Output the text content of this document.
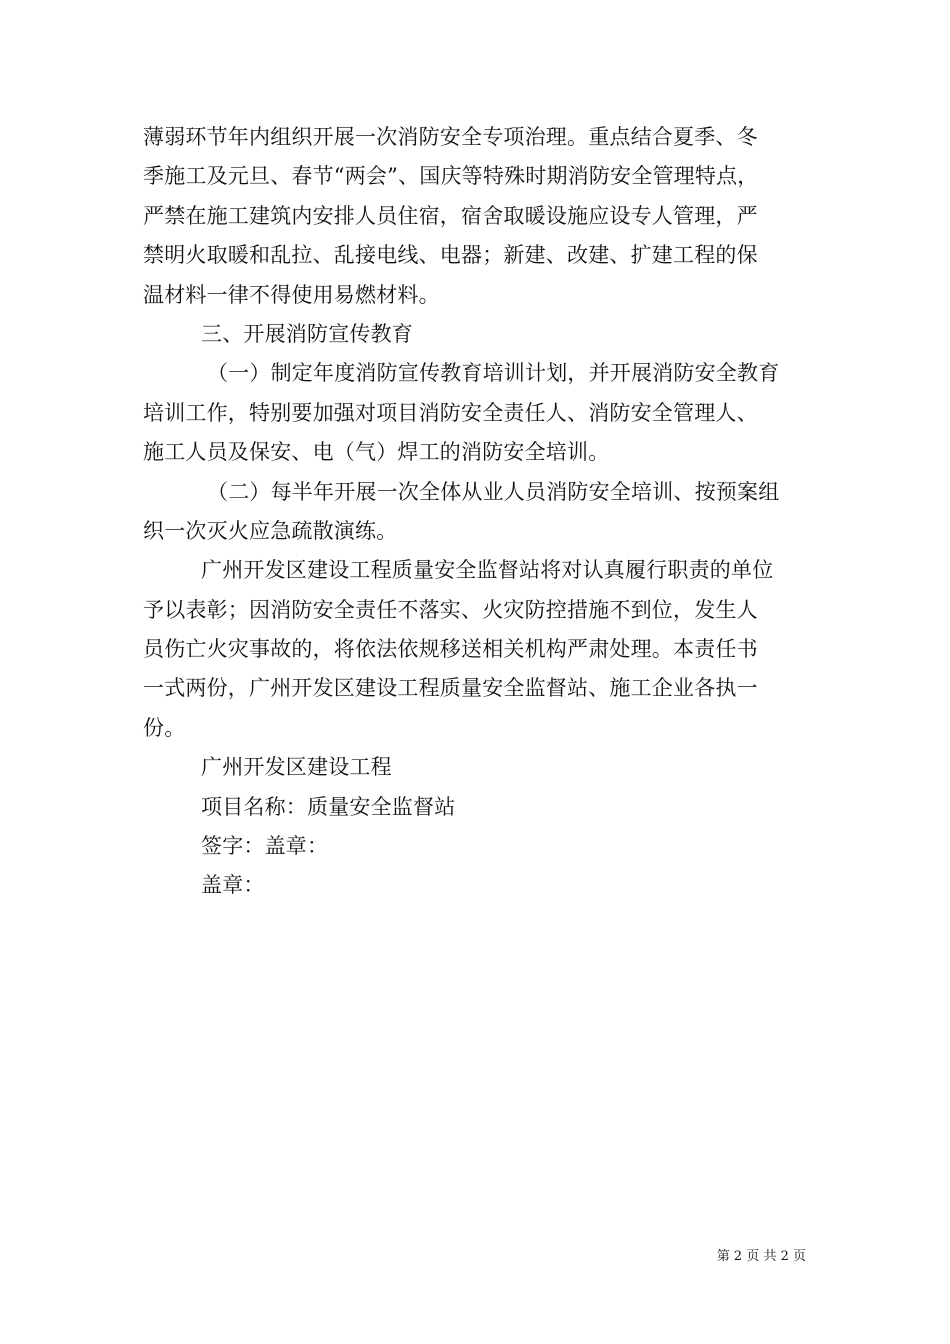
薄弱环节年内组织开展一次消防安全专项治理。重点结合夏季、冬
季施工及元旦、春节“两会”、国庆等特殊时期消防安全管理特点，
严禁在施工建筑内安排人员住宿，宿舍取暖设施应设专人管理，严
禁明火取暖和乱拉、乱接电线、电器；新建、改建、扩建工程的保
温材料一律不得使用易燃材料。
三、开展消防宣传教育
（一）制定年度消防宣传教育培训计划，并开展消防安全教育
培训工作，特别要加强对项目消防安全责任人、消防安全管理人、
施工人员及保安、电（气）焊工的消防安全培训。
（二）每半年开展一次全体从业人员消防安全培训、按预案组
织一次灭火应急疏散演练。
广州开发区建设工程质量安全监督站将对认真履行职责的单位
予以表彰；因消防安全责任不落实、火灾防控措施不到位，发生人
员伤亡火灾事故的，将依法依规移送相关机构严肃处理。本责任书
一式两份，广州开发区建设工程质量安全监督站、施工企业各执一
份。
广州开发区建设工程
项目名称：质量安全监督站
签字：盖章：
盖章：
第 2 页 共 2 页
